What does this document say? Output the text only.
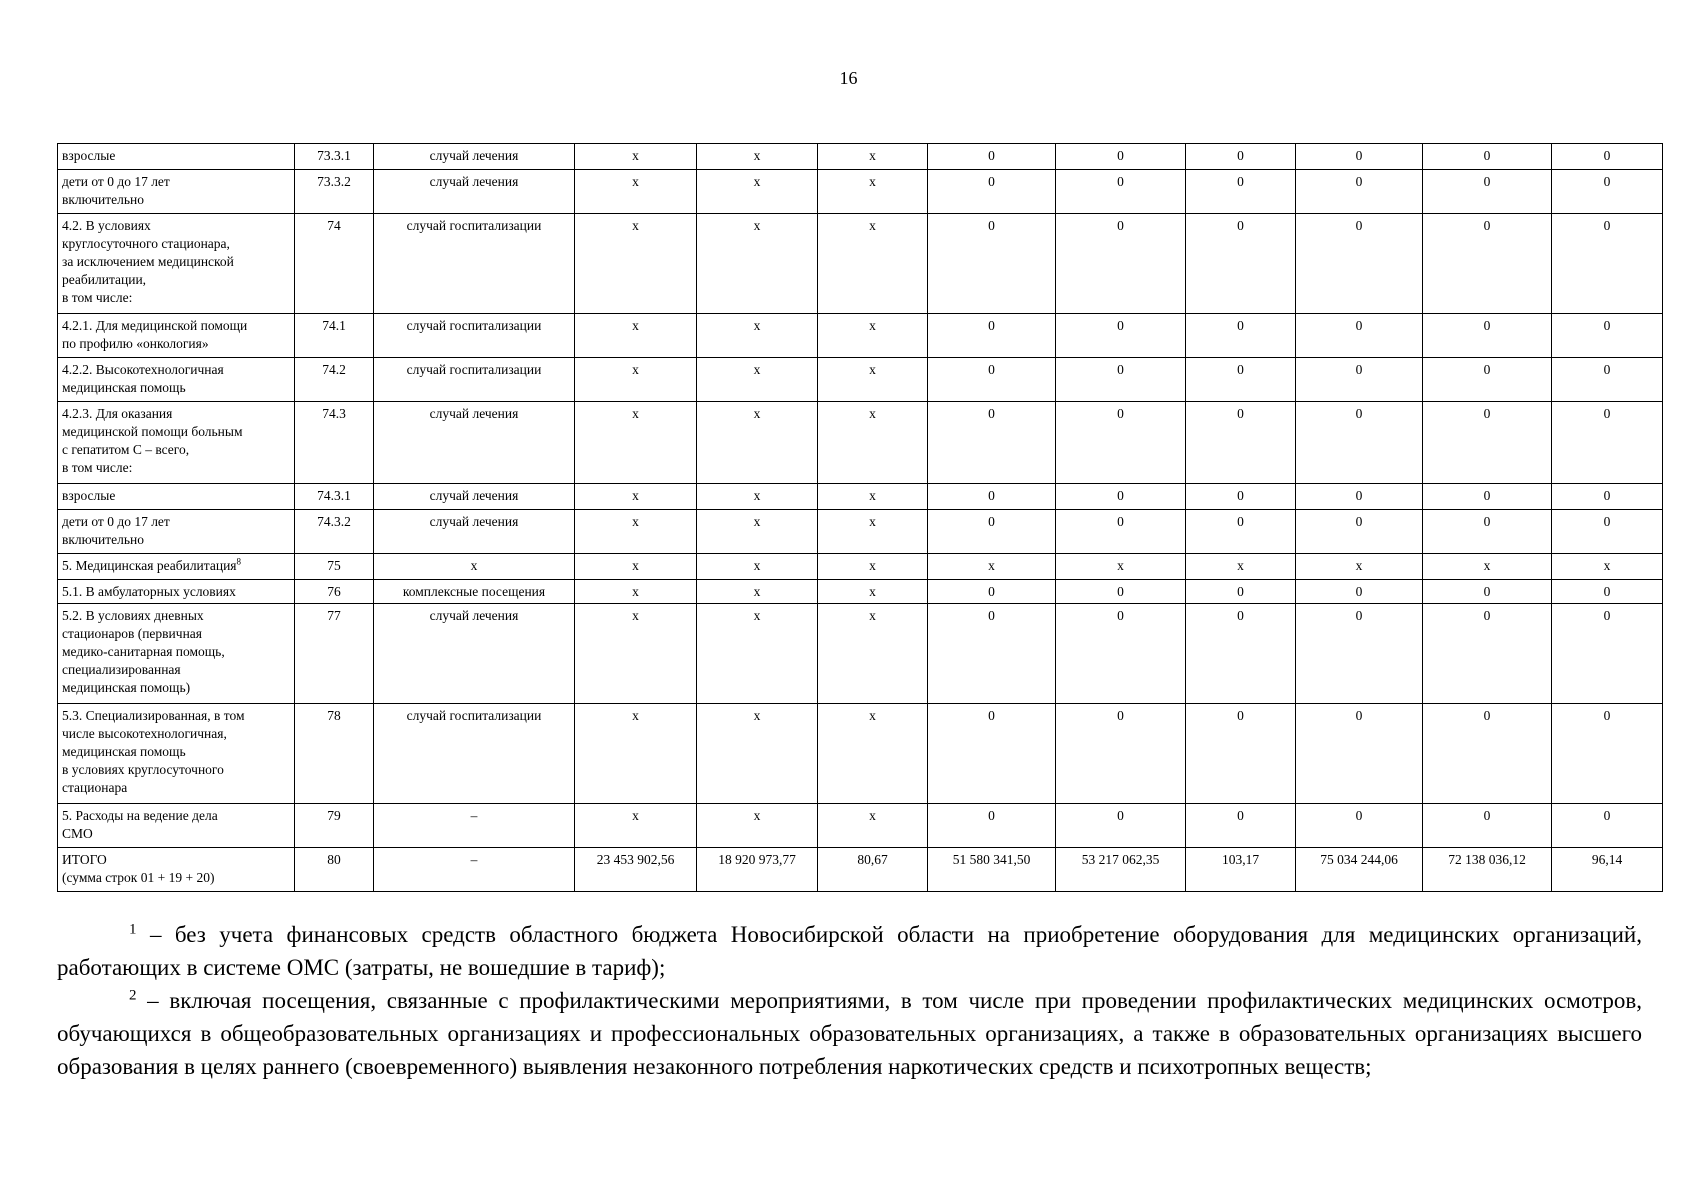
16
взрослые	73.3.1	случай лечения	х	х	х	0	0	0	0	0	0
дети от 0 до 17 лет
включительно	73.3.2	случай лечения	х	х	х	0	0	0	0	0	0
4.2. В условиях
круглосуточного стационара,
за исключением медицинской
реабилитации,
в том числе:	74	случай госпитализации	х	х	х	0	0	0	0	0	0
4.2.1. Для медицинской помощи
по профилю «онкология»	74.1	случай госпитализации	х	х	х	0	0	0	0	0	0
4.2.2. Высокотехнологичная
медицинская помощь	74.2	случай госпитализации	х	х	х	0	0	0	0	0	0
4.2.3. Для оказания
медицинской помощи больным
с гепатитом С – всего,
в том числе:	74.3	случай лечения	х	х	х	0	0	0	0	0	0
взрослые	74.3.1	случай лечения	х	х	х	0	0	0	0	0	0
дети от 0 до 17 лет
включительно	74.3.2	случай лечения	х	х	х	0	0	0	0	0	0
5. Медицинская реабилитация$^8$	75	х	х	х	х	х	х	х	х	х	х
5.1. В амбулаторных условиях	76	комплексные посещения	х	х	х	0	0	0	0	0	0
5.2. В условиях дневных
стационаров (первичная
медико-санитарная помощь,
специализированная
медицинская помощь)	77	случай лечения	х	х	х	0	0	0	0	0	0
5.3. Специализированная, в том
числе высокотехнологичная,
медицинская помощь
в условиях круглосуточного
стационара	78	случай госпитализации	х	х	х	0	0	0	0	0	0
5. Расходы на ведение дела
СМО	79	–	х	х	х	0	0	0	0	0	0
ИТОГО
(сумма строк 01 + 19 + 20)	80	–	23 453 902,56	18 920 973,77	80,67	51 580 341,50	53 217 062,35	103,17	75 034 244,06	72 138 036,12	96,14

$^1$ – без учета финансовых средств областного бюджета Новосибирской области на приобретение оборудования для медицинских организаций, работающих в системе ОМС (затраты, не вошедшие в тариф);

$^2$ – включая посещения, связанные с профилактическими мероприятиями, в том числе при проведении профилактических медицинских осмотров, обучающихся в общеобразовательных организациях и профессиональных образовательных организациях, а также в образовательных организациях высшего образования в целях раннего (своевременного) выявления незаконного потребления наркотических средств и психотропных веществ;
